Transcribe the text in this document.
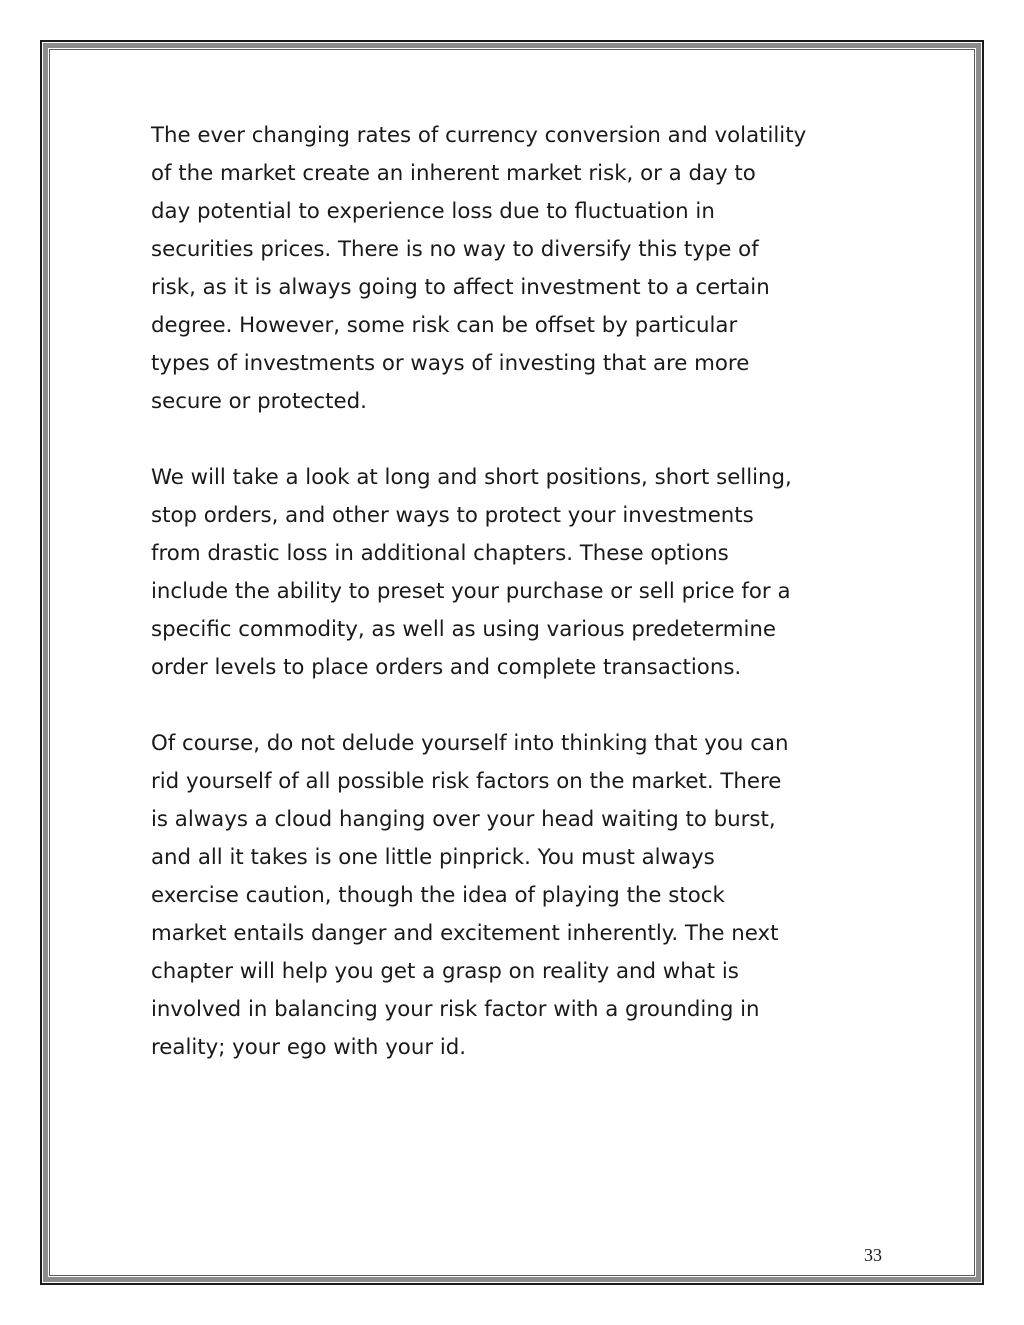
The ever changing rates of currency conversion and volatility
of the market create an inherent market risk, or a day to
day potential to experience loss due to fluctuation in
securities prices. There is no way to diversify this type of
risk, as it is always going to affect investment to a certain
degree. However, some risk can be offset by particular
types of investments or ways of investing that are more
secure or protected.

We will take a look at long and short positions, short selling,
stop orders, and other ways to protect your investments
from drastic loss in additional chapters. These options
include the ability to preset your purchase or sell price for a
specific commodity, as well as using various predetermine
order levels to place orders and complete transactions.

Of course, do not delude yourself into thinking that you can
rid yourself of all possible risk factors on the market. There
is always a cloud hanging over your head waiting to burst,
and all it takes is one little pinprick. You must always
exercise caution, though the idea of playing the stock
market entails danger and excitement inherently. The next
chapter will help you get a grasp on reality and what is
involved in balancing your risk factor with a grounding in
reality; your ego with your id.

33
